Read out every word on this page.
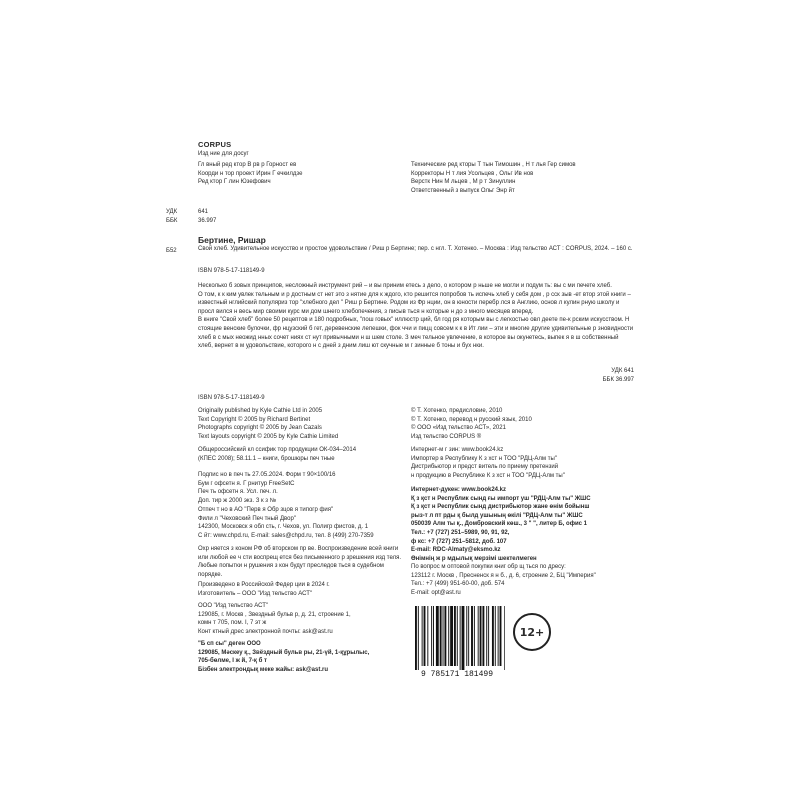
CORPUS
Изд ние для досуг
Гл вный ред ктор В рв р Горност ев
Коорди н тор проект Ирин Г ечкилдзе
Ред ктор Г лин Юзефович
Технические ред кторы Т тын Тимошин , Н т лья Гер симов
Корректоры Н т лия Усольцев , Ольг Ив нов
Верстк Нин М льцев , М р т Зинуллин
Ответственный з выпуск Ольг Энр йт
УДК	641
ББК	36.997
Бертине, Ришар
Б52	Свой хлеб. Удивительное искусство и простое удовольствие / Риш р Бертине; пер. с нгл. Т. Хотенко. – Москва : Изд тельство АСТ : CORPUS, 2024. – 160 с.
ISBN 978-5-17-118149-9
Несколько б зовых принципов, несложный инструмент рий – и вы приним етесь з дело, о котором р ньше не могли и подум ть: вы с ми печете хлеб.
О том, к к ким увлек тельным и р достным ст нет это з нятие для к ждого, кто решится попробов ть испечь хлеб у себя дом , р сск зыв -ет втор этой книги – известный нглийский популяриз тор "хлебного дел " Риш р Бертине. Родом из Фр нции, он в юности перебр лся в Англию, основ л кулин рную школу и просл вился н весь мир своими курс ми дом шнего хлебопечения, з писыв ться н которые н до з много месяцев вперед.
В книге "Свой хлеб" более 50 рецептов и 180 подробных, "пош говых" иллюстр ций, бл год ря которым вы с легкостью овл деете пе-к рским искусством. Н стоящие венские булочки, фр нцузский б гет, деревенские лепешки, фок ччи и пицц совсем к к в Ит лии – эти и многие другие удивительные р зновидности хлеб в с мых неожид нных сочет ниях ст нут привычными н ш шем столе. З меч тельное увлечение, в которое вы окунетесь, выпек я в ш собственный хлеб, вернет в м удовольствие, которого н с дней з дним лиш ют скучные м г зинные б тоны и бух нки.
УДК 641
ББК 36.997
ISBN 978-5-17-118149-9
Originally published by Kyle Cathie Ltd in 2005
Text Copyright © 2005 by Richard Bertinet
Photographs copyright © 2005 by Jean Cazals
Text layouts copyright © 2005 by Kyle Cathie Limited
© Т. Хотенко, предисловие, 2010
© Т. Хотенко, перевод н русский язык, 2010
© ООО «Изд тельство АСТ», 2021
Изд тельство CORPUS ®
Общероссийский кл ссифик тор продукции ОК-034–2014
(КПЕС 2008); 58.11.1 – книги, брошюры печ тные
Подпис но в печ ть 27.05.2024. Форм т 90×100/16
Бум г офсетн я. Г рнитур FreeSetC
Печ ть офсетн я. Усл. печ. л.
Доп. тир ж 2000 экз. З к з №
Отпеч т но в АО "Перв я Обр зцов я типогр фия"
Фили л "Чеховский Печ тный Двор"
142300, Московск я обл сть, г. Чехов, ул. Полигр фистов, д. 1
С йт: www.chpd.ru, E-mail: sales@chpd.ru, тел. 8 (499) 270-7359
Охр няется з коном РФ об вторском пр ве. Воспроизведение всей книги или любой ее ч сти воспрещ ется без письменного р зрешения изд теля. Любые попытки н рушения з кон будут преследов ться в судебном порядке.
Произведено в Российской Федер ции в 2024 г.
Изготовитель – ООО "Изд тельство АСТ"
ООО "Изд тельство АСТ"
129085, г. Москв , Звездный бульв р, д. 21, строение 1,
комн т 705, пом. I, 7 эт ж
Конт ктный дрес электронной почты: ask@ast.ru
"Б сп сы" деген ООО
129085, Мәскеу қ., Звёздный бульв ры, 21-үй, 1-құрылыс,
705-бөлме, I ж й, 7-қ б т
Бізбен электрондық меке жайы: ask@ast.ru
Интернет-м г зин: www.book24.kz
Импортер в Республику К з хст н ТОО "РДЦ-Алм ты"
Дистрибьютор и предст витель по приему претензий
н продукцию в Республике К з хст н ТОО "РДЦ-Алм ты"
Интернет-дукен: www.book24.kz
Қ з қст н Республик сынд ғы импорт уш "РДЦ-Алм ты" ЖШС
Қ з қст н Республик сынд дистрибьютор жане өнім бойынш
рыз-т л пт рды қ былд ушының өкілі "РДЦ-Алм ты" ЖШС
050039 Алм ты қ., Домбровский көш., 3 " ", литер Б, офис 1
Тел.: +7 (727) 251–5989, 90, 91, 92,
ф кс: +7 (727) 251–5812, доб. 107
E-mail: RDC-Almaty@eksmo.kz
Өнімнің ж р мдылық мерзімі шектелмеген
По вопрос м оптовой покупки книг обр щ ться по дресу:
123112 г. Москв , Пресненск я н б., д. 6, строение 2, БЦ "Империя"
Тел.: +7 (499) 951-60-00, доб. 574
E-mail: opt@ast.ru
12+
9 785171 181499
